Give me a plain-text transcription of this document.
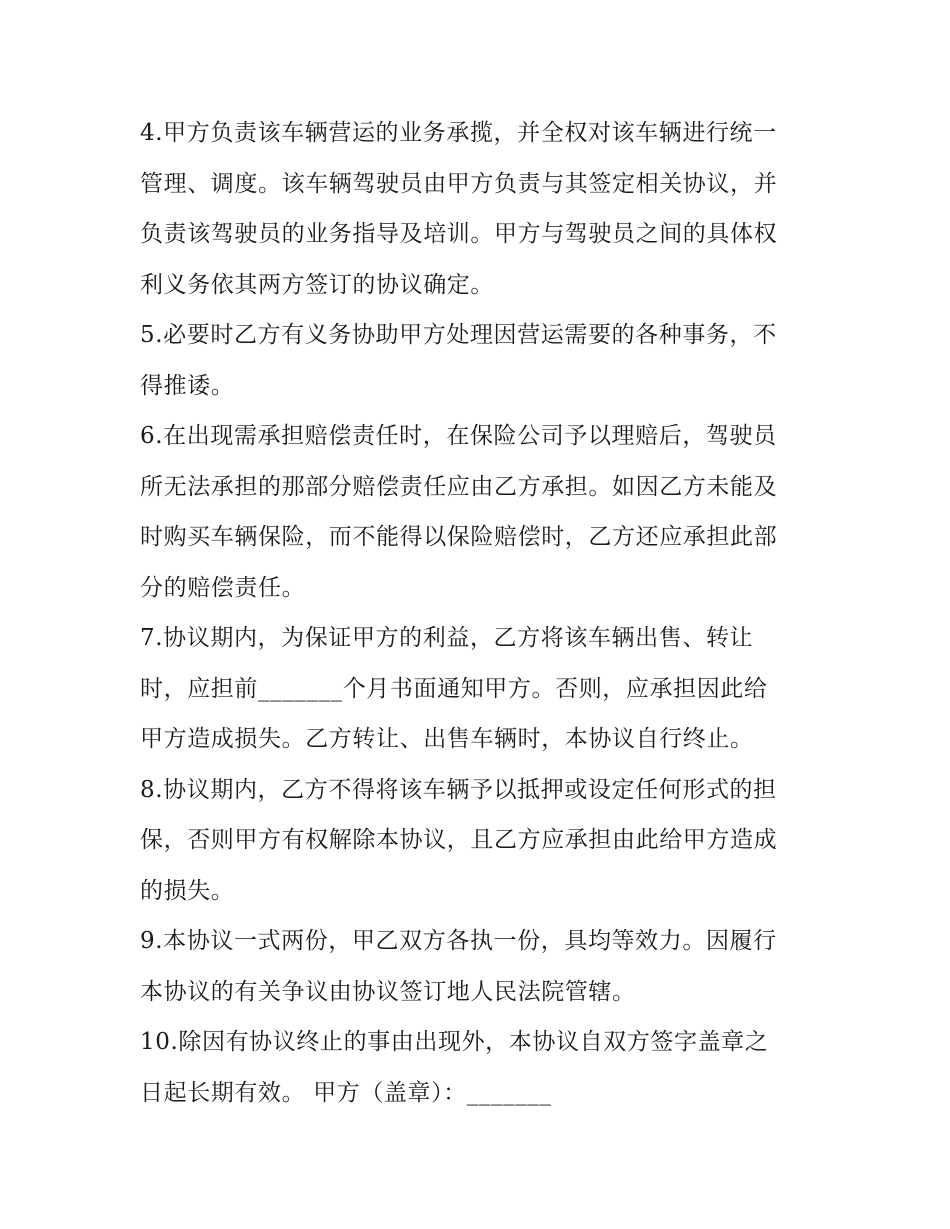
4.甲方负责该车辆营运的业务承揽，并全权对该车辆进行统一
管理、调度。该车辆驾驶员由甲方负责与其签定相关协议，并
负责该驾驶员的业务指导及培训。甲方与驾驶员之间的具体权
利义务依其两方签订的协议确定。
5.必要时乙方有义务协助甲方处理因营运需要的各种事务，不
得推诿。
6.在出现需承担赔偿责任时，在保险公司予以理赔后，驾驶员
所无法承担的那部分赔偿责任应由乙方承担。如因乙方未能及
时购买车辆保险，而不能得以保险赔偿时，乙方还应承担此部
分的赔偿责任。
7.协议期内，为保证甲方的利益，乙方将该车辆出售、转让
时，应担前_______个月书面通知甲方。否则，应承担因此给
甲方造成损失。乙方转让、出售车辆时，本协议自行终止。
8.协议期内，乙方不得将该车辆予以抵押或设定任何形式的担
保，否则甲方有权解除本协议，且乙方应承担由此给甲方造成
的损失。
9.本协议一式两份，甲乙双方各执一份，具均等效力。因履行
本协议的有关争议由协议签订地人民法院管辖。
10.除因有协议终止的事由出现外，本协议自双方签字盖章之
日起长期有效。 甲方（盖章）：_______
